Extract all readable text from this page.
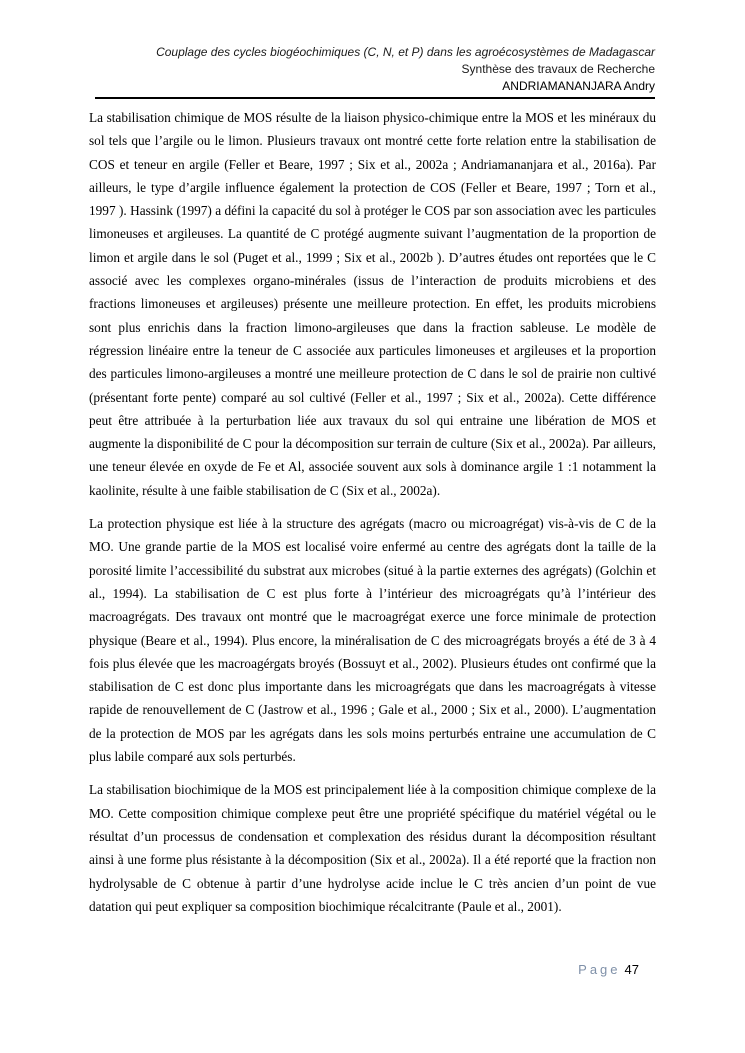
Couplage des cycles biogéochimiques (C, N, et P) dans les agroécosystèmes de Madagascar
Synthèse des travaux de Recherche
ANDRIAMANANJARA Andry

La stabilisation chimique de MOS résulte de la liaison physico-chimique entre la MOS et les minéraux du sol tels que l’argile ou le limon. Plusieurs travaux ont montré cette forte relation entre la stabilisation de COS et teneur en argile (Feller et Beare, 1997 ; Six et al., 2002a ; Andriamananjara et al., 2016a). Par ailleurs, le type d’argile influence également la protection de COS (Feller et Beare, 1997 ; Torn et al., 1997 ). Hassink (1997) a défini la capacité du sol à protéger le COS par son association avec les particules limoneuses et argileuses. La quantité de C protégé augmente suivant l’augmentation de la proportion de limon et argile dans le sol (Puget et al., 1999 ; Six et al., 2002b ). D’autres études ont reportées que le C associé avec les complexes organo-minérales (issus de l’interaction de produits microbiens et des fractions limoneuses et argileuses) présente une meilleure protection. En effet, les produits microbiens sont plus enrichis dans la fraction limono-argileuses que dans la fraction sableuse. Le modèle de régression linéaire entre la teneur de C associée aux particules limoneuses et argileuses et la proportion des particules limono-argileuses a montré une meilleure protection de C dans le sol de prairie non cultivé (présentant forte pente) comparé au sol cultivé (Feller et al., 1997 ; Six et al., 2002a). Cette différence peut être attribuée à la perturbation liée aux travaux du sol qui entraine une libération de MOS et augmente la disponibilité de C pour la décomposition sur terrain de culture (Six et al., 2002a). Par ailleurs, une teneur élevée en oxyde de Fe et Al, associée souvent aux sols à dominance argile 1 :1 notamment la kaolinite, résulte à une faible stabilisation de C (Six et al., 2002a).

La protection physique est liée à la structure des agrégats (macro ou microagrégat) vis-à-vis de C de la MO. Une grande partie de la MOS est localisé voire enfermé au centre des agrégats dont la taille de la porosité limite l’accessibilité du substrat aux microbes (situé à la partie externes des agrégats) (Golchin et al., 1994). La stabilisation de C est plus forte à l’intérieur des microagrégats qu’à l’intérieur des macroagrégats. Des travaux ont montré que le macroagrégat exerce une force minimale de protection physique (Beare et al., 1994). Plus encore, la minéralisation de C des microagrégats broyés a été de 3 à 4 fois plus élevée que les macroagérgats broyés (Bossuyt et al., 2002). Plusieurs études ont confirmé que la stabilisation de C est donc plus importante dans les microagrégats que dans les macroagrégats à vitesse rapide de renouvellement de C (Jastrow et al., 1996 ; Gale et al., 2000 ; Six et al., 2000). L’augmentation de la protection de MOS par les agrégats dans les sols moins perturbés entraine une accumulation de C plus labile comparé aux sols perturbés.

La stabilisation biochimique de la MOS est principalement liée à la composition chimique complexe de la MO. Cette composition chimique complexe peut être une propriété spécifique du matériel végétal ou le résultat d’un processus de condensation et complexation des résidus durant la décomposition résultant ainsi à une forme plus résistante à la décomposition (Six et al., 2002a). Il a été reporté que la fraction non hydrolysable de C obtenue à partir d’une hydrolyse acide inclue le C très ancien d’un point de vue datation qui peut expliquer sa composition biochimique récalcitrante (Paule et al., 2001).

Page 47
